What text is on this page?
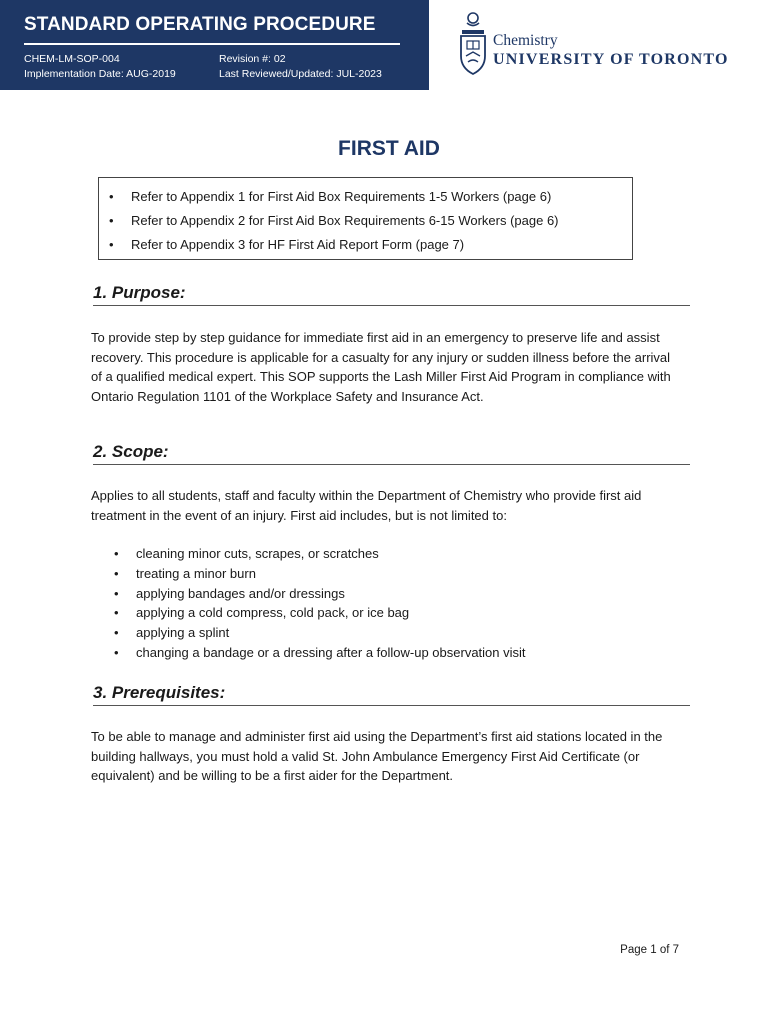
STANDARD OPERATING PROCEDURE
CHEM-LM-SOP-004
Implementation Date: AUG-2019
Revision #: 02
Last Reviewed/Updated: JUL-2023
Chemistry
UNIVERSITY OF TORONTO
FIRST AID
• Refer to Appendix 1 for First Aid Box Requirements 1-5 Workers (page 6)
• Refer to Appendix 2 for First Aid Box Requirements 6-15 Workers (page 6)
• Refer to Appendix 3 for HF First Aid Report Form (page 7)
1. Purpose:

To provide step by step guidance for immediate first aid in an emergency to preserve life and assist recovery. This procedure is applicable for a casualty for any injury or sudden illness before the arrival of a qualified medical expert. This SOP supports the Lash Miller First Aid Program in compliance with Ontario Regulation 1101 of the Workplace Safety and Insurance Act.

2. Scope:

Applies to all students, staff and faculty within the Department of Chemistry who provide first aid treatment in the event of an injury. First aid includes, but is not limited to:

• cleaning minor cuts, scrapes, or scratches
• treating a minor burn
• applying bandages and/or dressings
• applying a cold compress, cold pack, or ice bag
• applying a splint
• changing a bandage or a dressing after a follow-up observation visit
3. Prerequisites:

To be able to manage and administer first aid using the Department’s first aid stations located in the building hallways, you must hold a valid St. John Ambulance Emergency First Aid Certificate (or equivalent) and be willing to be a first aider for the Department.

Page 1 of 7
